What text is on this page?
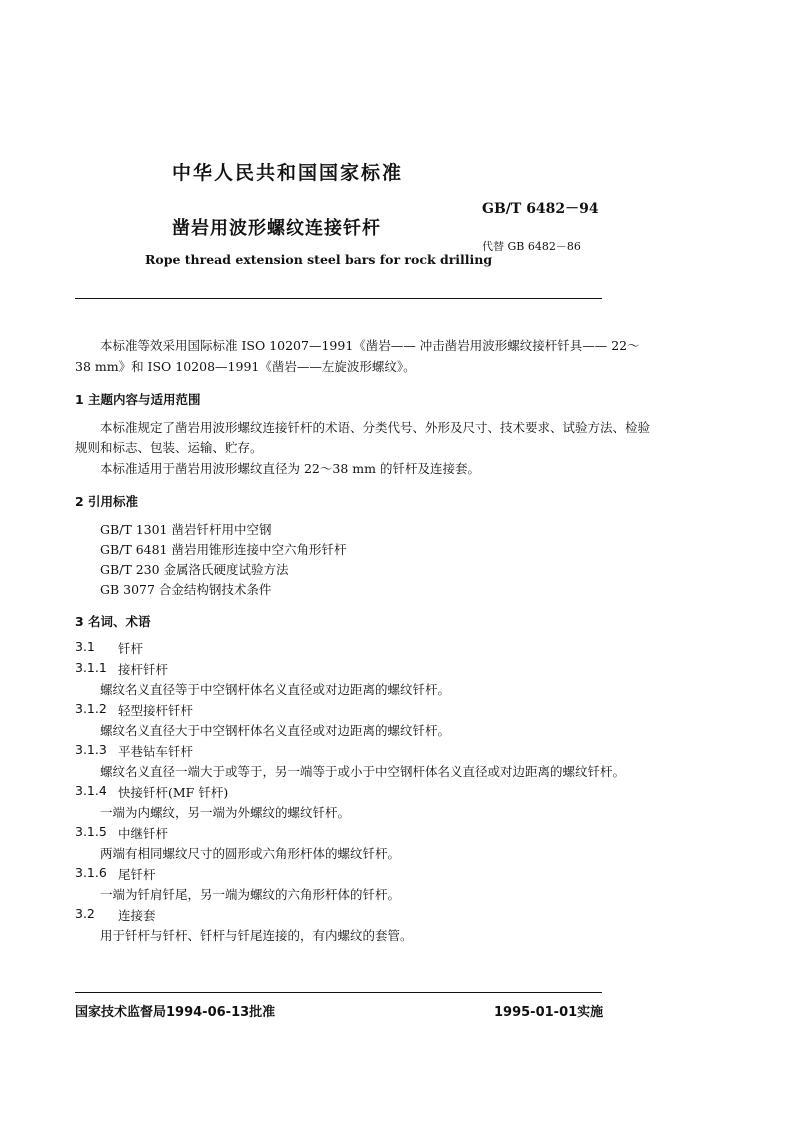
中华人民共和国国家标准
GB/T 6482－94
凿岩用波形螺纹连接钎杆
代替 GB 6482－86
Rope thread extension steel bars for rock drilling
本标准等效采用国际标准 ISO 10207—1991《凿岩—— 冲击凿岩用波形螺纹接杆钎具—— 22～
38 mm》和 ISO 10208—1991《凿岩——左旋波形螺纹》。
1 主题内容与适用范围
本标准规定了凿岩用波形螺纹连接钎杆的术语、分类代号、外形及尺寸、技术要求、试验方法、检验
规则和标志、包装、运输、贮存。
本标准适用于凿岩用波形螺纹直径为 22～38 mm 的钎杆及连接套。
2 引用标准
GB/T 1301 凿岩钎杆用中空钢
GB/T 6481 凿岩用锥形连接中空六角形钎杆
GB/T 230 金属洛氏硬度试验方法
GB 3077 合金结构钢技术条件
3 名词、术语
3.1 钎杆
3.1.1 接杆钎杆
螺纹名义直径等于中空钢杆体名义直径或对边距离的螺纹钎杆。
3.1.2 轻型接杆钎杆
螺纹名义直径大于中空钢杆体名义直径或对边距离的螺纹钎杆。
3.1.3 平巷钻车钎杆
螺纹名义直径一端大于或等于，另一端等于或小于中空钢杆体名义直径或对边距离的螺纹钎杆。
3.1.4 快接钎杆(MF 钎杆)
一端为内螺纹，另一端为外螺纹的螺纹钎杆。
3.1.5 中继钎杆
两端有相同螺纹尺寸的圆形或六角形杆体的螺纹钎杆。
3.1.6 尾钎杆
一端为钎肩钎尾，另一端为螺纹的六角形杆体的钎杆。
3.2 连接套
用于钎杆与钎杆、钎杆与钎尾连接的，有内螺纹的套管。
国家技术监督局1994-06-13批准	1995-01-01实施
